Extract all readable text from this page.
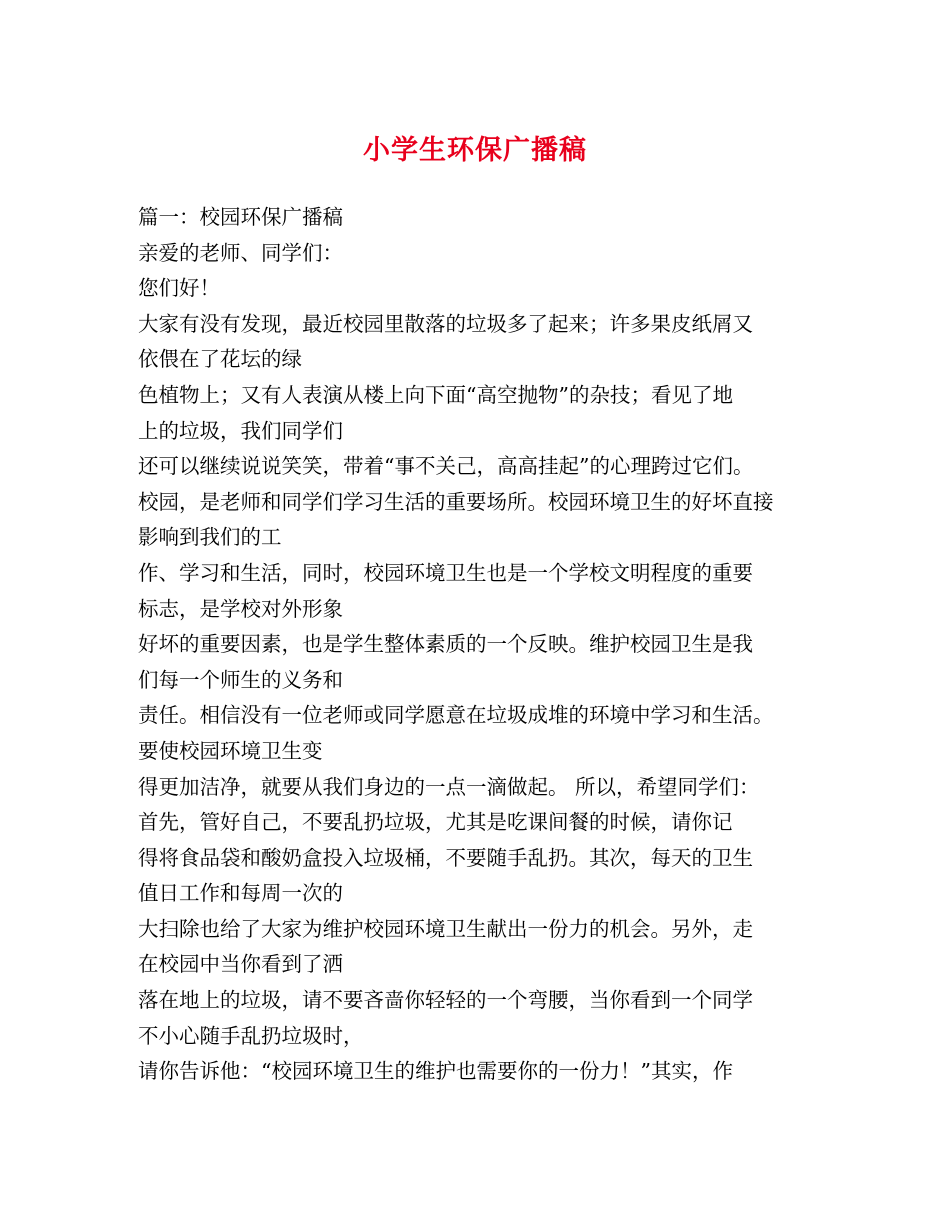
小学生环保广播稿
篇一：校园环保广播稿
亲爱的老师、同学们：
您们好！
大家有没有发现，最近校园里散落的垃圾多了起来；许多果皮纸屑又
依偎在了花坛的绿
色植物上；又有人表演从楼上向下面“高空抛物”的杂技；看见了地
上的垃圾，我们同学们
还可以继续说说笑笑，带着“事不关己，高高挂起”的心理跨过它们。
校园，是老师和同学们学习生活的重要场所。校园环境卫生的好坏直接
影响到我们的工
作、学习和生活，同时，校园环境卫生也是一个学校文明程度的重要
标志，是学校对外形象
好坏的重要因素，也是学生整体素质的一个反映。维护校园卫生是我
们每一个师生的义务和
责任。相信没有一位老师或同学愿意在垃圾成堆的环境中学习和生活。
要使校园环境卫生变
得更加洁净，就要从我们身边的一点一滴做起。 所以，希望同学们：
首先，管好自己，不要乱扔垃圾，尤其是吃课间餐的时候，请你记
得将食品袋和酸奶盒投入垃圾桶，不要随手乱扔。其次，每天的卫生
值日工作和每周一次的
大扫除也给了大家为维护校园环境卫生献出一份力的机会。另外，走
在校园中当你看到了洒
落在地上的垃圾，请不要吝啬你轻轻的一个弯腰，当你看到一个同学
不小心随手乱扔垃圾时，
请你告诉他：“校园环境卫生的维护也需要你的一份力！”其实，作
